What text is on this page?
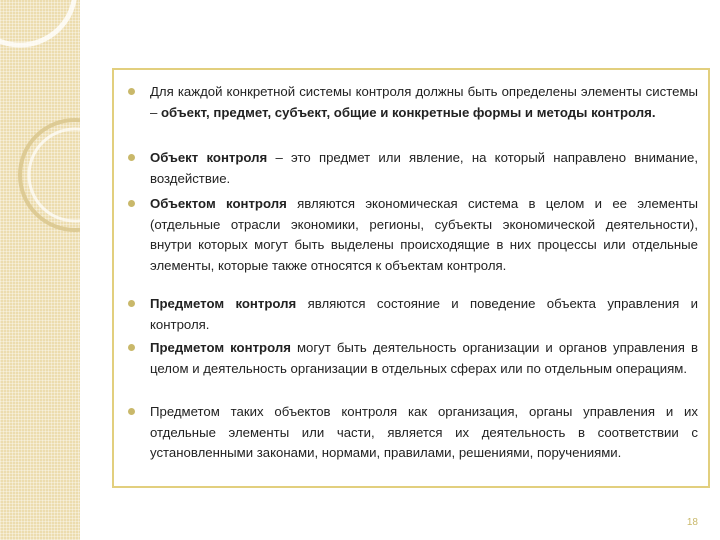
Для каждой конкретной системы контроля должны быть определены элементы системы – объект, предмет, субъект, общие и конкретные формы и методы контроля.
Объект контроля – это предмет или явление, на который направлено внимание, воздействие.
Объектом контроля являются экономическая система в целом и ее элементы (отдельные отрасли экономики, регионы, субъекты экономической деятельности), внутри которых могут быть выделены происходящие в них процессы или отдельные элементы, которые также относятся к объектам контроля.
Предметом контроля являются состояние и поведение объекта управления и контроля.
Предметом контроля могут быть деятельность организации и органов управления в целом и деятельность организации в отдельных сферах или по отдельным операциям.
Предметом таких объектов контроля как организация, органы управления и их отдельные элементы или части, является их деятельность в соответствии с установленными законами, нормами, правилами, решениями, поручениями.
18
